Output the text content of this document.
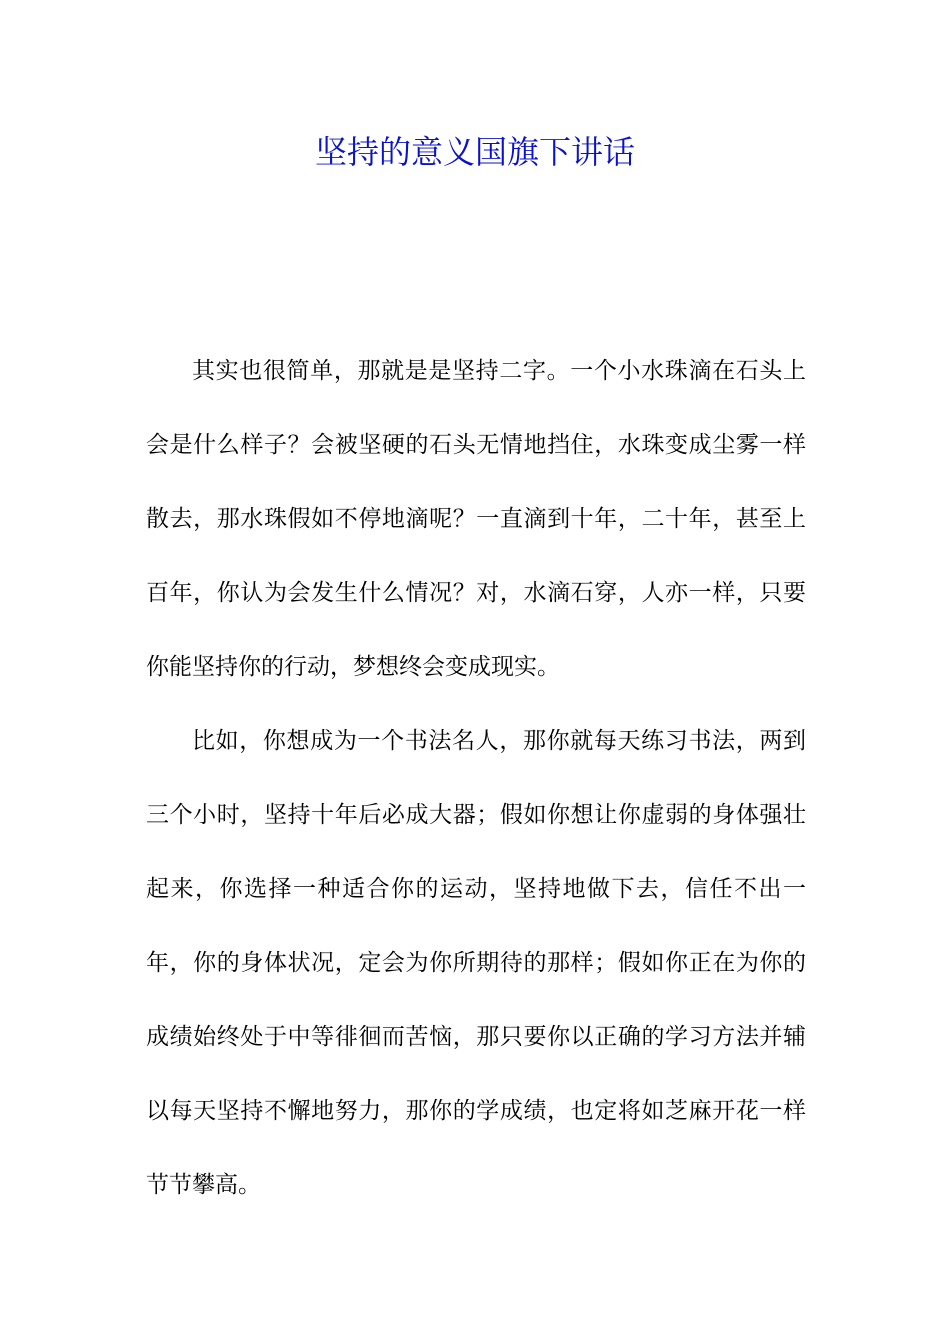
坚持的意义国旗下讲话

其实也很简单，那就是是坚持二字。一个小水珠滴在石头上会是什么样子？会被坚硬的石头无情地挡住，水珠变成尘雾一样散去，那水珠假如不停地滴呢？一直滴到十年，二十年，甚至上百年，你认为会发生什么情况？对，水滴石穿，人亦一样，只要你能坚持你的行动，梦想终会变成现实。

比如，你想成为一个书法名人，那你就每天练习书法，两到三个小时，坚持十年后必成大器；假如你想让你虚弱的身体强壮起来，你选择一种适合你的运动，坚持地做下去，信任不出一年，你的身体状况，定会为你所期待的那样；假如你正在为你的成绩始终处于中等徘徊而苦恼，那只要你以正确的学习方法并辅以每天坚持不懈地努力，那你的学成绩，也定将如芝麻开花一样节节攀高。
